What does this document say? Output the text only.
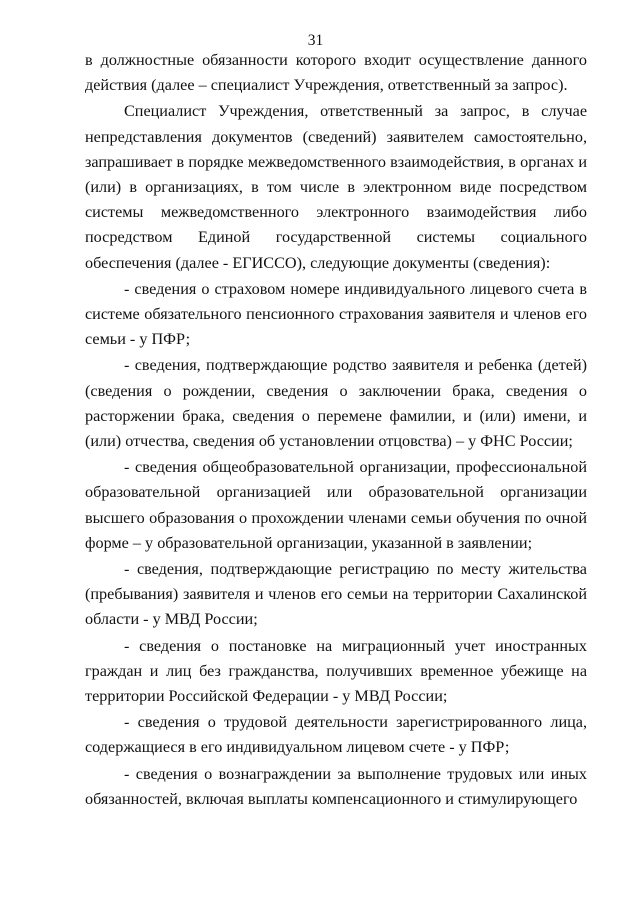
31

в должностные обязанности которого входит осуществление данного действия (далее – специалист Учреждения, ответственный за запрос).

Специалист Учреждения, ответственный за запрос, в случае непредставления документов (сведений) заявителем самостоятельно, запрашивает в порядке межведомственного взаимодействия, в органах и (или) в организациях, в том числе в электронном виде посредством системы межведомственного электронного взаимодействия либо посредством Единой государственной системы социального обеспечения (далее - ЕГИССО), следующие документы (сведения):

- сведения о страховом номере индивидуального лицевого счета в системе обязательного пенсионного страхования заявителя и членов его семьи - у ПФР;

- сведения, подтверждающие родство заявителя и ребенка (детей) (сведения о рождении, сведения о заключении брака, сведения о расторжении брака, сведения о перемене фамилии, и (или) имени, и (или) отчества, сведения об установлении отцовства) – у ФНС России;

- сведения общеобразовательной организации, профессиональной образовательной организацией или образовательной организации высшего образования о прохождении членами семьи обучения по очной форме – у образовательной организации, указанной в заявлении;

- сведения, подтверждающие регистрацию по месту жительства (пребывания) заявителя и членов его семьи на территории Сахалинской области - у МВД России;

- сведения о постановке на миграционный учет иностранных граждан и лиц без гражданства, получивших временное убежище на территории Российской Федерации - у МВД России;

- сведения о трудовой деятельности зарегистрированного лица, содержащиеся в его индивидуальном лицевом счете - у ПФР;

- сведения о вознаграждении за выполнение трудовых или иных обязанностей, включая выплаты компенсационного и стимулирующего
